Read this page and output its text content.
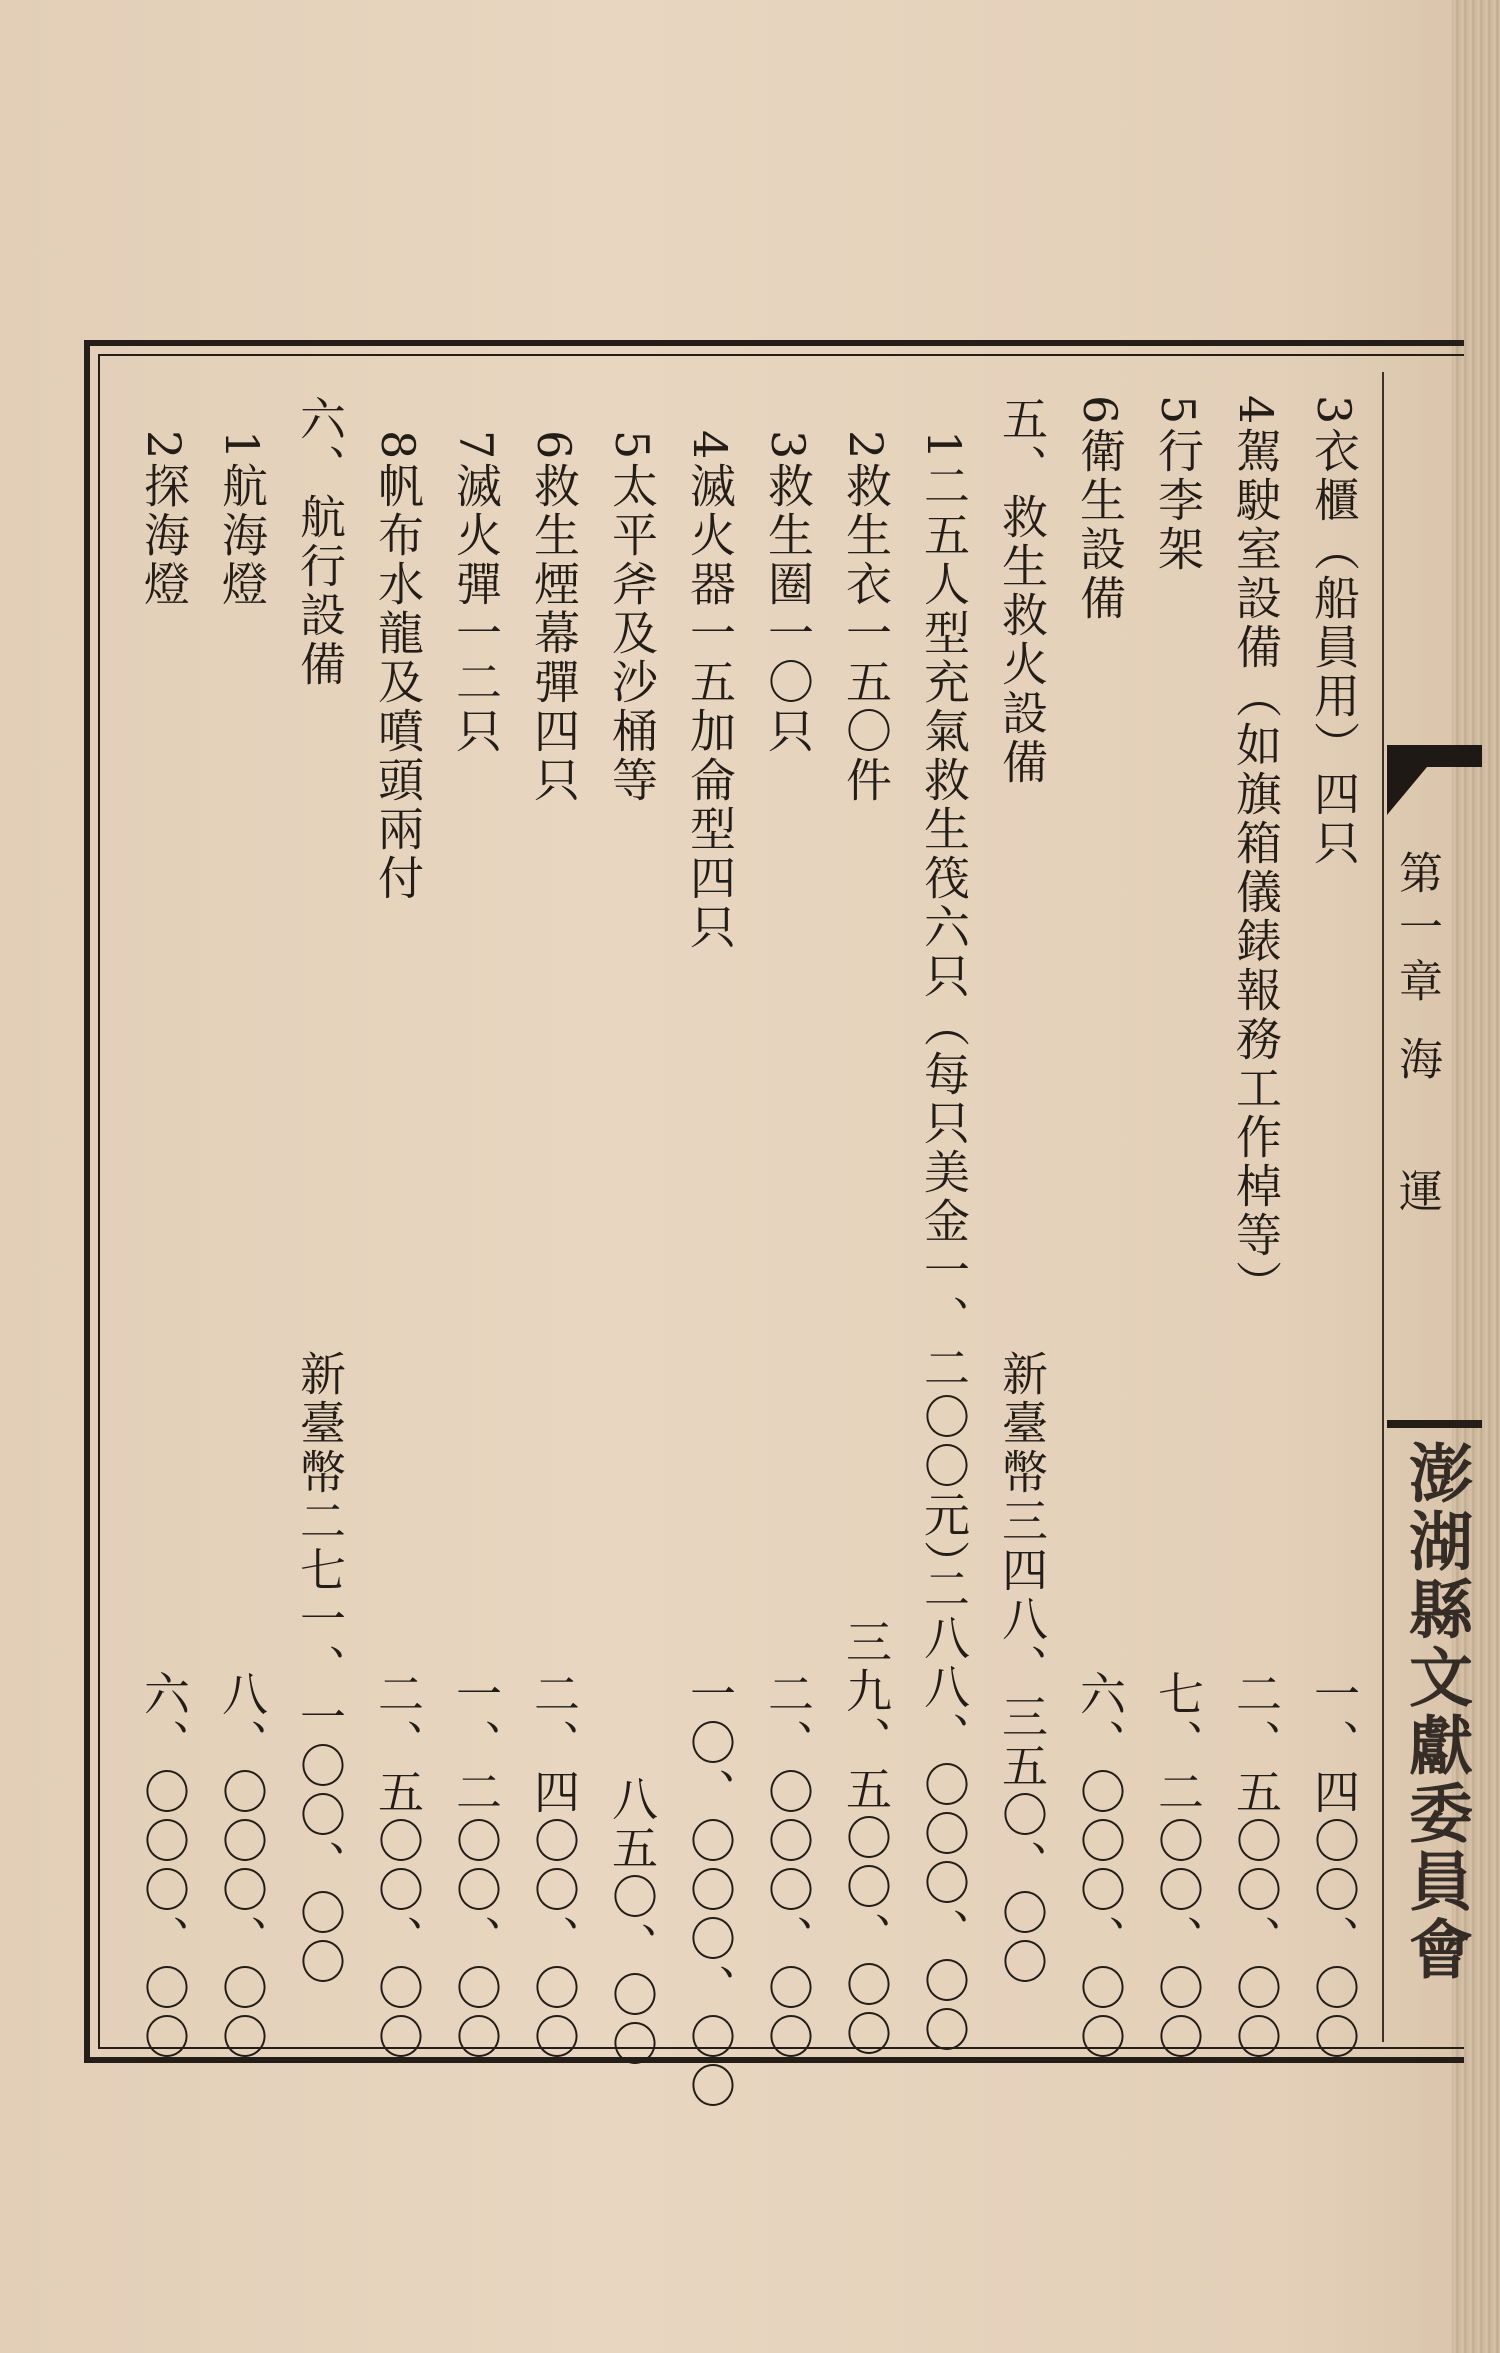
第一章 海　 運
澎湖縣文獻委員會
3衣櫃（船員用）四只
4駕駛室設備（如旗箱儀錶報務工作棹等）
5行李架
6衛生設備
五、救生救火設備
1二五人型充氣救生筏六只（每只美金一、二〇〇元）
2救生衣一五〇件
3救生圈一〇只
4滅火器一五加侖型四只
5太平斧及沙桶等
6救生煙幕彈四只
7滅火彈一二只
8帆布水龍及噴頭兩付
六、航行設備
1航海燈
2探海燈
一、四〇〇、〇〇
二、五〇〇、〇〇
七、二〇〇、〇〇
六、〇〇〇、〇〇
新臺幣三四八、三五〇、〇〇
二八八、〇〇〇、〇〇
三九、五〇〇、〇〇
二、〇〇〇、〇〇
一〇、〇〇〇、〇〇
八五〇、〇〇
二、四〇〇、〇〇
一、二〇〇、〇〇
二、五〇〇、〇〇
新臺幣二七一、一〇〇、〇〇
八、〇〇〇、〇〇
六、〇〇〇、〇〇
